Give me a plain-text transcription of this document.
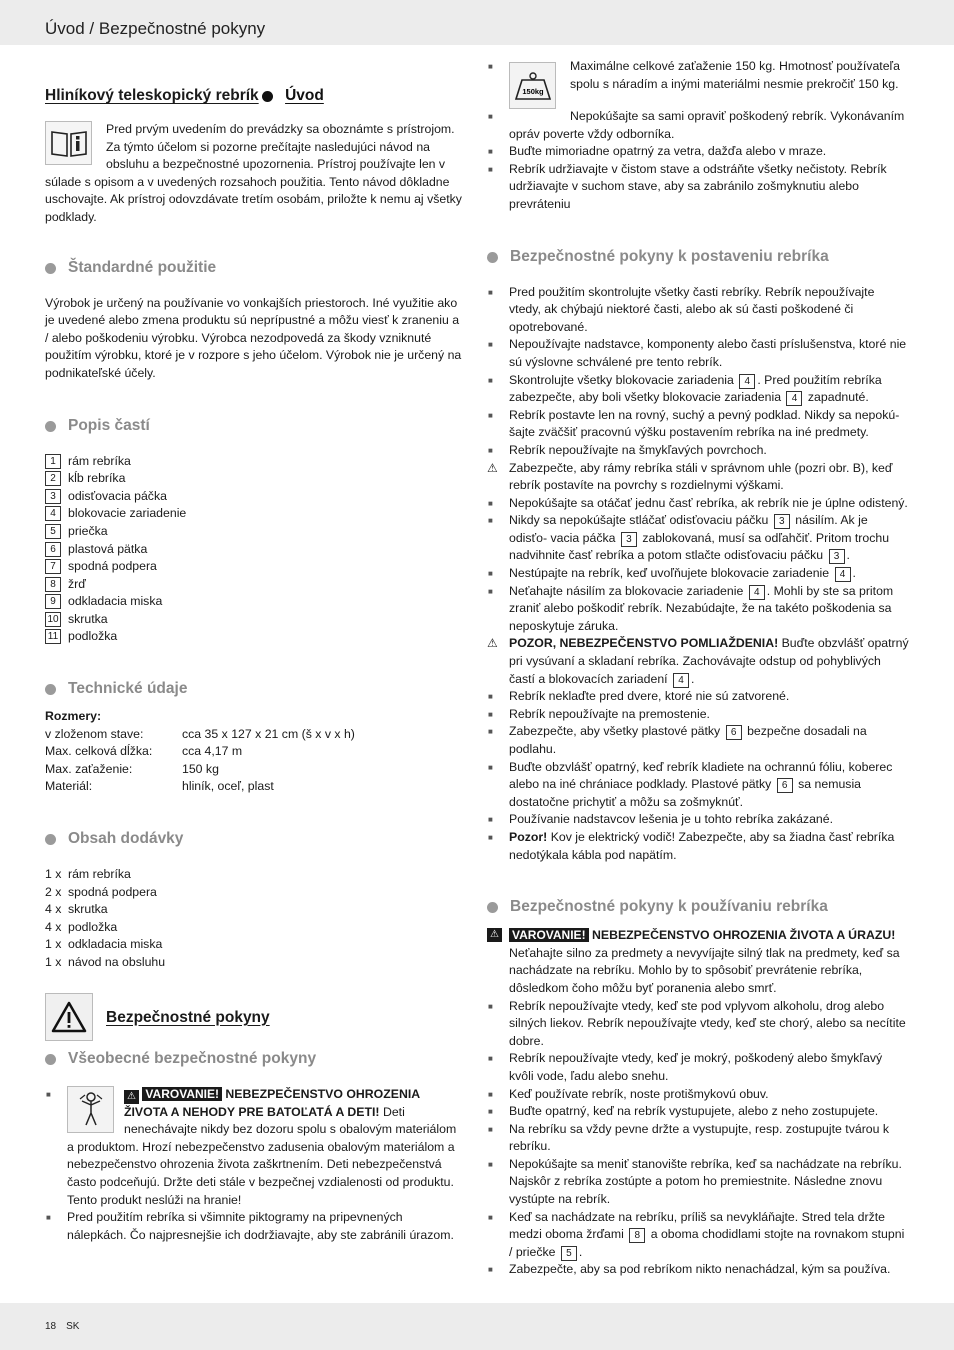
Úvod / Bezpečnostné pokyny
Hliníkový teleskopický rebrík Úvod

Pred prvým uvedením do prevádzky sa oboznámte s prístrojom. Za týmto účelom si pozorne prečítajte nasledujúci návod na obsluhu a bezpečnostné upozornenia. Prístroj používajte len v súlade s opisom a v uvedených rozsahoch použitia. Tento návod dôkladne uschovajte. Ak prístroj odovzdávate tretím osobám, priložte k nemu aj všetky podklady.

Štandardné použitie

Výrobok je určený na používanie vo vonkajších priestoroch. Iné využitie ako je uvedené alebo zmena produktu sú neprípustné a môžu viesť k zraneniu a / alebo poškodeniu výrobku. Výrobca nezodpovedá za škody vzniknuté použitím výrobku, ktoré je v rozpore s jeho účelom. Výrobok nie je určený na podnikateľské účely.

Popis častí
1 rám rebríka
2 kĺb rebríka
3 odisťovacia páčka
4 blokovacie zariadenie
5 priečka
6 plastová pätka
7 spodná podpera
8 žrď
9 odkladacia miska
10 skrutka
11 podložka
Technické údaje
Rozmery:
v zloženom stave:	cca 35 x 127 x 21 cm (š x v x h)
Max. celková dĺžka: cca 4,17 m
Max. zaťaženie:	150 kg
Materiál:	hliník, oceľ, plast
Obsah dodávky
1 x rám rebríka
2 x spodná podpera
4 x skrutka
4 x podložka
1 x odkladacia miska
1 x návod na obsluhu
Bezpečnostné pokyny
Všeobecné bezpečnostné pokyny
■ ⚠ VAROVANIE! NEBEZPEČENSTVO OHROZENIA ŽIVOTA A NEHODY PRE BATOĽATÁ A DETI! Deti nenechávajte nikdy bez dozoru spolu s obalovým materiálom a produktom. Hrozí nebezpečenstvo zadusenia obalovým materiálom a nebezpečenstvo ohrozenia života zaškrtnením. Deti nebezpečenstvá často podceňujú. Držte deti stále v bezpečnej vzdialenosti od produktu. Tento produkt neslúži na hranie!
■ Pred použitím rebríka si všimnite piktogramy na pripevnených nálepkách. Čo najpresnejšie ich dodržiavajte, aby ste zabránili úrazom.
■ 150kg
Maximálne celkové zaťaženie 150 kg. Hmotnosť používateľa spolu s náradím a inými materiálmi nesmie prekročiť 150 kg.
■ Nepokúšajte sa sami opraviť poškodený rebrík. Vykonávaním opráv poverte vždy odborníka.
■ Buďte mimoriadne opatrný za vetra, dažďa alebo v mraze.
■ Rebrík udržiavajte v čistom stave a odstráňte všetky nečistoty. Rebrík udržiavajte v suchom stave, aby sa zabránilo zošmyknutiu alebo prevráteniu
Bezpečnostné pokyny k postaveniu rebríka
■ Pred použitím skontrolujte všetky časti rebríky. Rebrík nepoužívajte vtedy, ak chýbajú niektoré časti, alebo ak sú časti poškodené či opotrebované.
■ Nepoužívajte nadstavce, komponenty alebo časti príslušenstva, ktoré nie sú výslovne schválené pre tento rebrík.
■ Skontrolujte všetky blokovacie zariadenia 4 . Pred použitím rebríka zabezpečte, aby boli všetky blokovacie zariadenia 4 zapadnuté.
■ Rebrík postavte len na rovný, suchý a pevný podklad. Nikdy sa nepokú- šajte zväčšiť pracovnú výšku postavením rebríka na iné predmety.
■ Rebrík nepoužívajte na šmykľavých povrchoch.
⚠ Zabezpečte, aby rámy rebríka stáli v správnom uhle (pozri obr. B), keď rebrík postavíte na povrchy s rozdielnymi výškami.
■ Nepokúšajte sa otáčať jednu časť rebríka, ak rebrík nie je úplne odistený.
■ Nikdy sa nepokúšajte stláčať odisťovaciu páčku 3 násilím. Ak je odisťo- vacia páčka 3 zablokovaná, musí sa odľahčiť. Pritom trochu nadvihnite časť rebríka a potom stlačte odisťovaciu páčku 3 .
■ Nestúpajte na rebrík, keď uvoľňujete blokovacie zariadenie 4 .
■ Neťahajte násilím za blokovacie zariadenie 4 . Mohli by ste sa pritom zraniť alebo poškodiť rebrík. Nezabúdajte, že na takéto poškodenia sa neposkytuje záruka.
⚠ POZOR, NEBEZPEČENSTVO POMLIAŽDENIA! Buďte obzvlášť opatrný pri vysúvaní a skladaní rebríka. Zachovávajte odstup od pohyblivých častí a blokovacích zariadení 4 .
■ Rebrík neklaďte pred dvere, ktoré nie sú zatvorené.
■ Rebrík nepoužívajte na premostenie.
■ Zabezpečte, aby všetky plastové pätky 6 bezpečne dosadali na podlahu.
■ Buďte obzvlášť opatrný, keď rebrík kladiete na ochrannú fóliu, koberec alebo na iné chrániace podklady. Plastové pätky 6 sa nemusia dostatočne prichytiť a môžu sa zošmyknúť.
■ Používanie nadstavcov lešenia je u tohto rebríka zakázané.
■ Pozor! Kov je elektrický vodič! Zabezpečte, aby sa žiadna časť rebríka nedotýkala kábla pod napätím.
Bezpečnostné pokyny k používaniu rebríka
⚠ VAROVANIE! NEBEZPEČENSTVO OHROZENIA ŽIVOTA A ÚRAZU! Neťahajte silno za predmety a nevyvíjajte silný tlak na predmety, keď sa nachádzate na rebríku. Mohlo by to spôsobiť prevrátenie rebríka, dôsledkom čoho môžu byť poranenia alebo smrť.
■ Rebrík nepoužívajte vtedy, keď ste pod vplyvom alkoholu, drog alebo silných liekov. Rebrík nepoužívajte vtedy, keď ste chorý, alebo sa necítite dobre.
■ Rebrík nepoužívajte vtedy, keď je mokrý, poškodený alebo šmykľavý kvôli vode, ľadu alebo snehu.
■ Keď používate rebrík, noste protišmykovú obuv.
■ Buďte opatrný, keď na rebrík vystupujete, alebo z neho zostupujete.
■ Na rebríku sa vždy pevne držte a vystupujte, resp. zostupujte tvárou k rebríku.
■ Nepokúšajte sa meniť stanovište rebríka, keď sa nachádzate na rebríku. Najskôr z rebríka zostúpte a potom ho premiestnite. Následne znovu vystúpte na rebrík.
■ Keď sa nachádzate na rebríku, príliš sa nevykláňajte. Stred tela držte medzi oboma žrďami 8 a oboma chodidlami stojte na rovnakom stupni / priečke 5 .
■ Zabezpečte, aby sa pod rebríkom nikto nenachádzal, kým sa používa.
18 SK
